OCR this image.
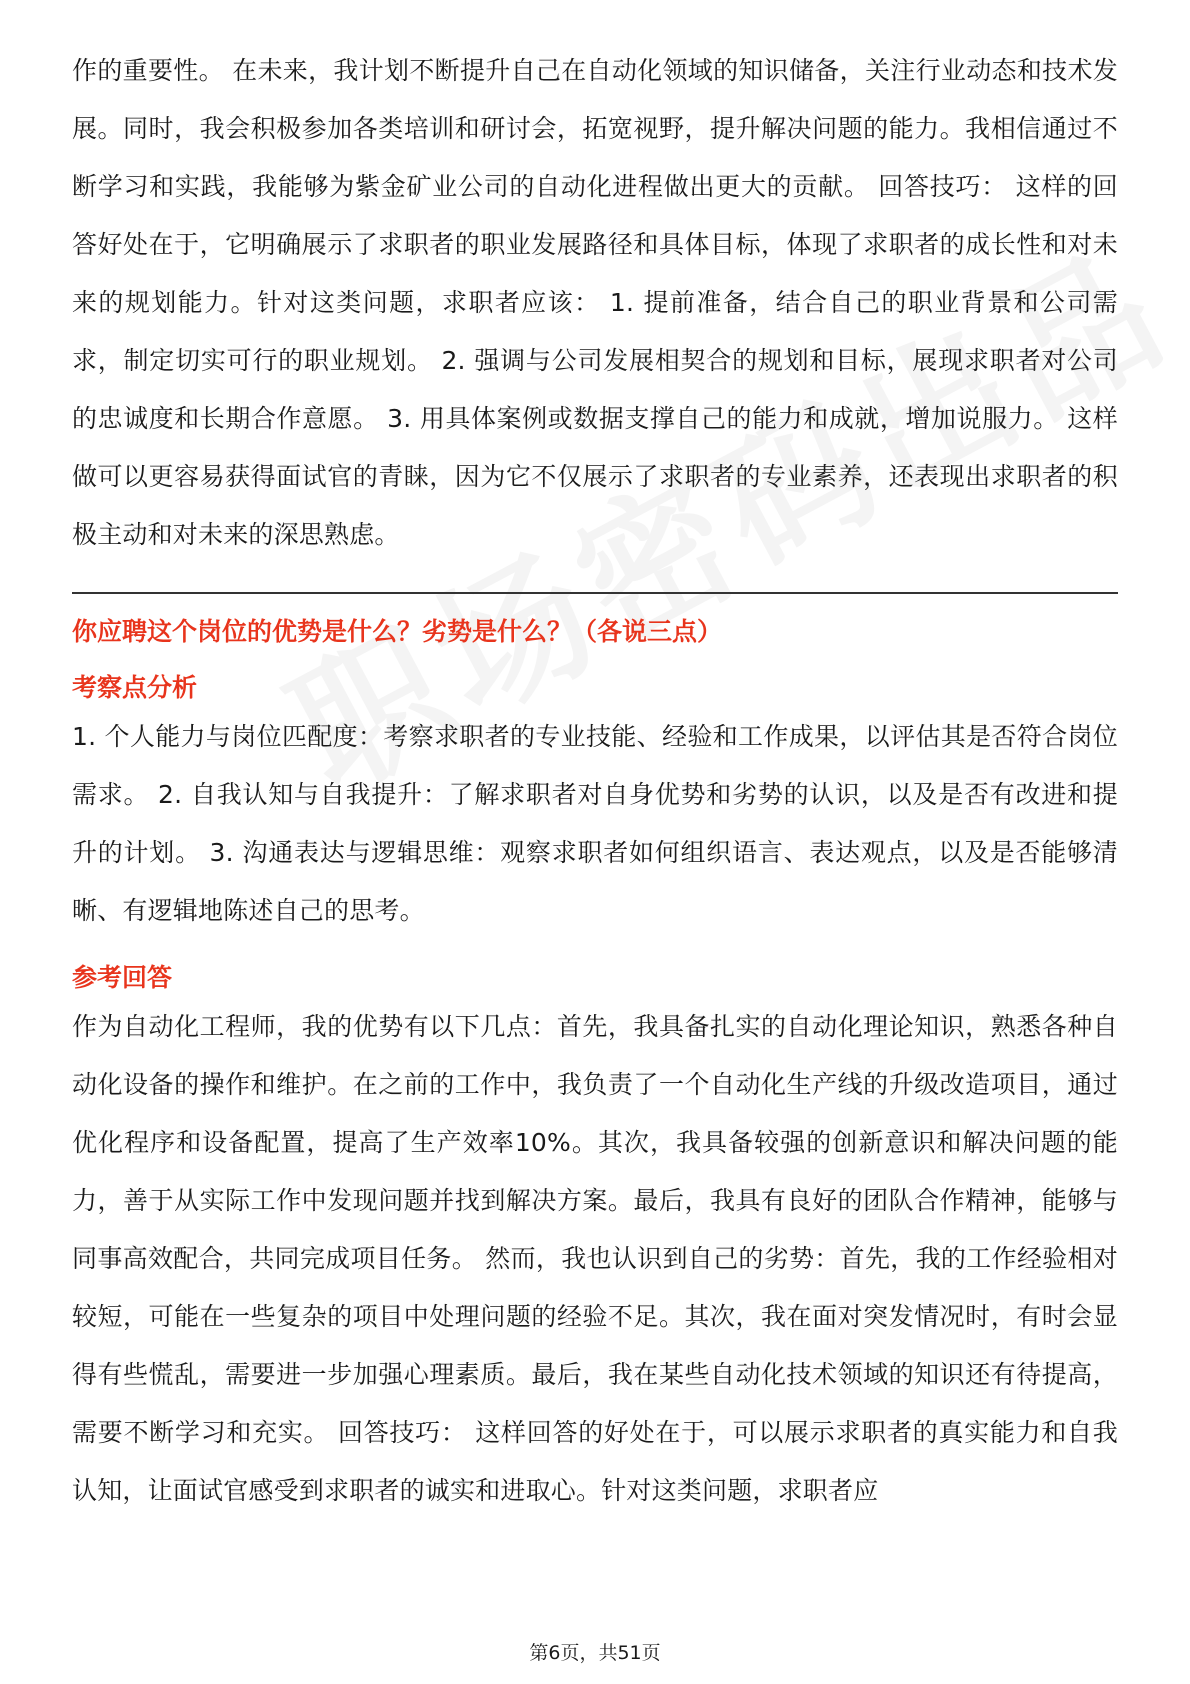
作的重要性。 在未来，我计划不断提升自己在自动化领域的知识储备，关注行业动态和技术发展。同时，我会积极参加各类培训和研讨会，拓宽视野，提升解决问题的能力。我相信通过不断学习和实践，我能够为紫金矿业公司的自动化进程做出更大的贡献。 回答技巧： 这样的回答好处在于，它明确展示了求职者的职业发展路径和具体目标，体现了求职者的成长性和对未来的规划能力。针对这类问题，求职者应该： 1. 提前准备，结合自己的职业背景和公司需求，制定切实可行的职业规划。 2. 强调与公司发展相契合的规划和目标，展现求职者对公司的忠诚度和长期合作意愿。 3. 用具体案例或数据支撑自己的能力和成就，增加说服力。 这样做可以更容易获得面试官的青睐，因为它不仅展示了求职者的专业素养，还表现出求职者的积极主动和对未来的深思熟虑。

你应聘这个岗位的优势是什么？劣势是什么？（各说三点）
考察点分析

1. 个人能力与岗位匹配度：考察求职者的专业技能、经验和工作成果，以评估其是否符合岗位需求。 2. 自我认知与自我提升：了解求职者对自身优势和劣势的认识，以及是否有改进和提升的计划。 3. 沟通表达与逻辑思维：观察求职者如何组织语言、表达观点，以及是否能够清晰、有逻辑地陈述自己的思考。

参考回答

作为自动化工程师，我的优势有以下几点：首先，我具备扎实的自动化理论知识，熟悉各种自动化设备的操作和维护。在之前的工作中，我负责了一个自动化生产线的升级改造项目，通过优化程序和设备配置，提高了生产效率10%。其次，我具备较强的创新意识和解决问题的能力，善于从实际工作中发现问题并找到解决方案。最后，我具有良好的团队合作精神，能够与同事高效配合，共同完成项目任务。 然而，我也认识到自己的劣势：首先，我的工作经验相对较短，可能在一些复杂的项目中处理问题的经验不足。其次，我在面对突发情况时，有时会显得有些慌乱，需要进一步加强心理素质。最后，我在某些自动化技术领域的知识还有待提高，需要不断学习和充实。 回答技巧： 这样回答的好处在于，可以展示求职者的真实能力和自我认知，让面试官感受到求职者的诚实和进取心。针对这类问题，求职者应

第6页，共51页
